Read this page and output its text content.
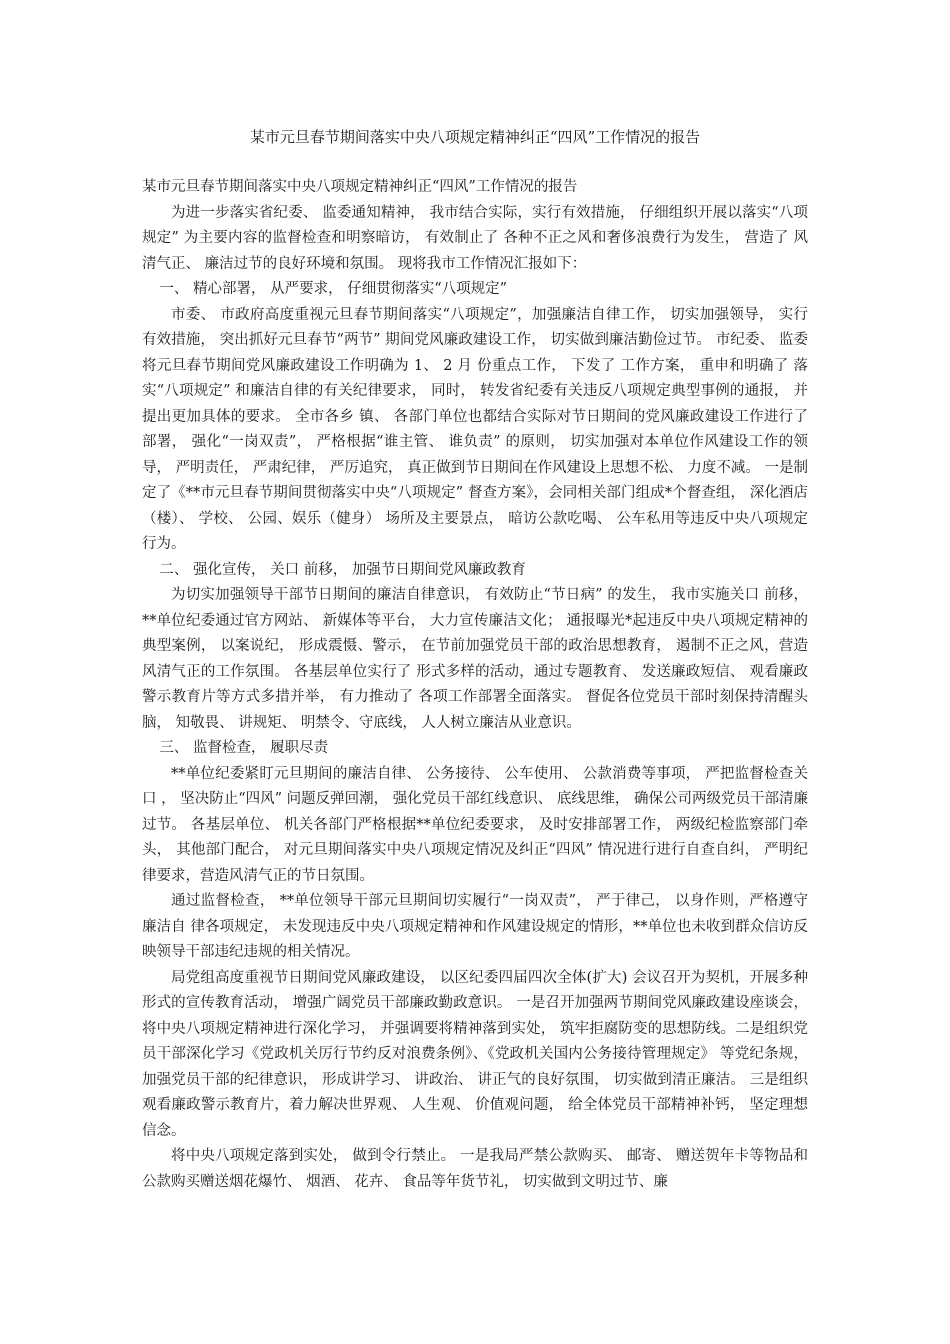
某市元旦春节期间落实中央八项规定精神纠正“四风”工作情况的报告

某市元旦春节期间落实中央八项规定精神纠正“四风”工作情况的报告

为进一步落实省纪委、 监委通知精神， 我市结合实际，实行有效措施， 仔细组织开展以落实“八项规定” 为主要内容的监督检查和明察暗访， 有效制止了 各种不正之风和奢侈浪费行为发生， 营造了 风清气正、 廉洁过节的良好环境和氛围。 现将我市工作情况汇报如下：

一、 精心部署， 从严要求， 仔细贯彻落实“八项规定”

市委、 市政府高度重视元旦春节期间落实“八项规定”，加强廉洁自律工作， 切实加强领导， 实行有效措施， 突出抓好元旦春节“两节” 期间党风廉政建设工作， 切实做到廉洁勤俭过节。 市纪委、 监委将元旦春节期间党风廉政建设工作明确为 1、 2 月 份重点工作， 下发了 工作方案， 重申和明确了 落实“八项规定” 和廉洁自律的有关纪律要求， 同时， 转发省纪委有关违反八项规定典型事例的通报， 并提出更加具体的要求。 全市各乡 镇、 各部门单位也都结合实际对节日期间的党风廉政建设工作进行了 部署， 强化“一岗双责”， 严格根据“谁主管、 谁负责” 的原则， 切实加强对本单位作风建设工作的领导， 严明责任， 严肃纪律， 严厉追究， 真正做到节日期间在作风建设上思想不松、 力度不减。 一是制定了《**市元旦春节期间贯彻落实中央“八项规定” 督查方案》，会同相关部门组成*个督查组， 深化酒店（楼）、 学校、 公园、娱乐（健身） 场所及主要景点， 暗访公款吃喝、 公车私用等违反中央八项规定行为。

二、 强化宣传， 关口 前移， 加强节日期间党风廉政教育

为切实加强领导干部节日期间的廉洁自律意识， 有效防止“节日病” 的发生， 我市实施关口 前移， **单位纪委通过官方网站、 新媒体等平台， 大力宣传廉洁文化； 通报曝光*起违反中央八项规定精神的典型案例， 以案说纪， 形成震慑、警示， 在节前加强党员干部的政治思想教育， 遏制不正之风，营造风清气正的工作氛围。 各基层单位实行了 形式多样的活动，通过专题教育、 发送廉政短信、 观看廉政警示教育片等方式多措并举， 有力推动了 各项工作部署全面落实。 督促各位党员干部时刻保持清醒头脑， 知敬畏、 讲规矩、 明禁令、守底线， 人人树立廉洁从业意识。

三、 监督检查， 履职尽责

**单位纪委紧盯元旦期间的廉洁自律、 公务接待、 公车使用、 公款消费等事项， 严把监督检查关口 ， 坚决防止“四风” 问题反弹回潮， 强化党员干部红线意识、 底线思维， 确保公司两级党员干部清廉过节。 各基层单位、 机关各部门严格根据**单位纪委要求， 及时安排部署工作， 两级纪检监察部门牵头， 其他部门配合， 对元旦期间落实中央八项规定情况及纠正“四风” 情况进行进行自查自纠， 严明纪律要求，营造风清气正的节日氛围。

通过监督检查， **单位领导干部元旦期间切实履行“一岗双责”， 严于律己， 以身作则，严格遵守廉洁自 律各项规定， 未发现违反中央八项规定精神和作风建设规定的情形，**单位也未收到群众信访反映领导干部违纪违规的相关情况。

局党组高度重视节日期间党风廉政建设， 以区纪委四届四次全体(扩大) 会议召开为契机，开展多种形式的宣传教育活动， 增强广阔党员干部廉政勤政意识。 一是召开加强两节期间党风廉政建设座谈会， 将中央八项规定精神进行深化学习， 并强调要将精神落到实处， 筑牢拒腐防变的思想防线。二是组织党员干部深化学习《党政机关厉行节约反对浪费条例》、《党政机关国内公务接待管理规定》 等党纪条规， 加强党员干部的纪律意识， 形成讲学习、 讲政治、 讲正气的良好氛围， 切实做到清正廉洁。 三是组织观看廉政警示教育片，着力解决世界观、 人生观、 价值观问题， 给全体党员干部精神补钙， 坚定理想信念。

将中央八项规定落到实处， 做到令行禁止。 一是我局严禁公款购买、 邮寄、 赠送贺年卡等物品和公款购买赠送烟花爆竹、 烟酒、 花卉、 食品等年货节礼， 切实做到文明过节、廉
